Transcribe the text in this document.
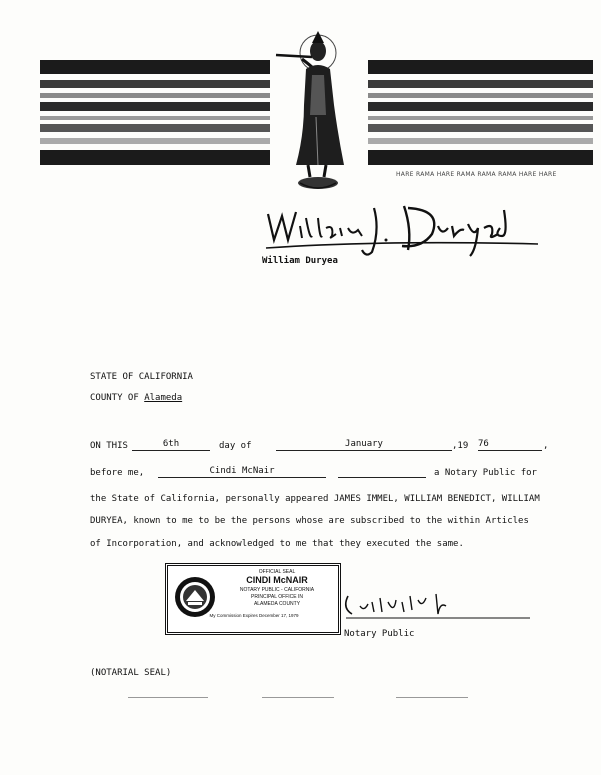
HARE RAMA HARE RAMA RAMA RAMA HARE HARE
William Duryea
STATE OF CALIFORNIA
COUNTY OF Alameda
ON THIS	6th	day of	January	,19 76	,
before me,	Cindi McNair	a Notary Public for
the State of California, personally appeared JAMES IMMEL, WILLIAM BENEDICT, WILLIAM
DURYEA, known to me to be the persons whose are subscribed to the within Articles
of Incorporation, and acknowledged to me that they executed the same.
OFFICIAL SEAL
CINDI McNAIR
NOTARY PUBLIC - CALIFORNIA
PRINCIPAL OFFICE IN
ALAMEDA COUNTY
My Commission Expires December 17, 1979
Notary Public
(NOTARIAL SEAL)
